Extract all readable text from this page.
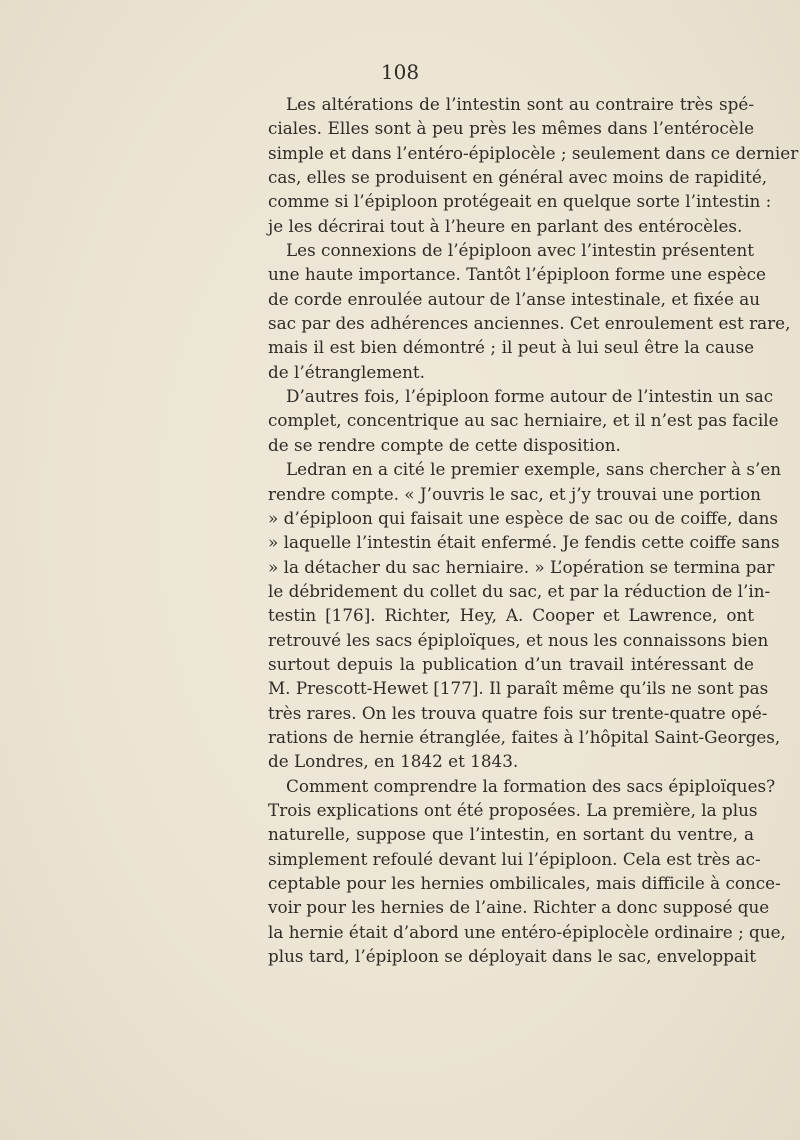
108

Les altérations de l’intestin sont au contraire très spé-
ciales. Elles sont à peu près les mêmes dans l’entérocèle
simple et dans l’entéro-épiplocèle ; seulement dans ce dernier
cas, elles se produisent en général avec moins de rapidité,
comme si l’épiploon protégeait en quelque sorte l’intestin :
je les décrirai tout à l’heure en parlant des entérocèles.
Les connexions de l’épiploon avec l’intestin présentent
une haute importance. Tantôt l’épiploon forme une espèce
de corde enroulée autour de l’anse intestinale, et fixée au
sac par des adhérences anciennes. Cet enroulement est rare,
mais il est bien démontré ; il peut à lui seul être la cause
de l’étranglement.
D’autres fois, l’épiploon forme autour de l’intestin un sac
complet, concentrique au sac herniaire, et il n’est pas facile
de se rendre compte de cette disposition.
Ledran en a cité le premier exemple, sans chercher à s’en
rendre compte. « J’ouvris le sac, et j’y trouvai une portion
» d’épiploon qui faisait une espèce de sac ou de coiffe, dans
» laquelle l’intestin était enfermé. Je fendis cette coiffe sans
» la détacher du sac herniaire. » L’opération se termina par
le débridement du collet du sac, et par la réduction de l’in-
testin [176]. Richter, Hey, A. Cooper et Lawrence, ont
retrouvé les sacs épiploïques, et nous les connaissons bien
surtout depuis la publication d’un travail intéressant de
M. Prescott-Hewet [177]. Il paraît même qu’ils ne sont pas
très rares. On les trouva quatre fois sur trente-quatre opé-
rations de hernie étranglée, faites à l’hôpital Saint-Georges,
de Londres, en 1842 et 1843.
Comment comprendre la formation des sacs épiploïques?
Trois explications ont été proposées. La première, la plus
naturelle, suppose que l’intestin, en sortant du ventre, a
simplement refoulé devant lui l’épiploon. Cela est très ac-
ceptable pour les hernies ombilicales, mais difficile à conce-
voir pour les hernies de l’aine. Richter a donc supposé que
la hernie était d’abord une entéro-épiplocèle ordinaire ; que,
plus tard, l’épiploon se déployait dans le sac, enveloppait
